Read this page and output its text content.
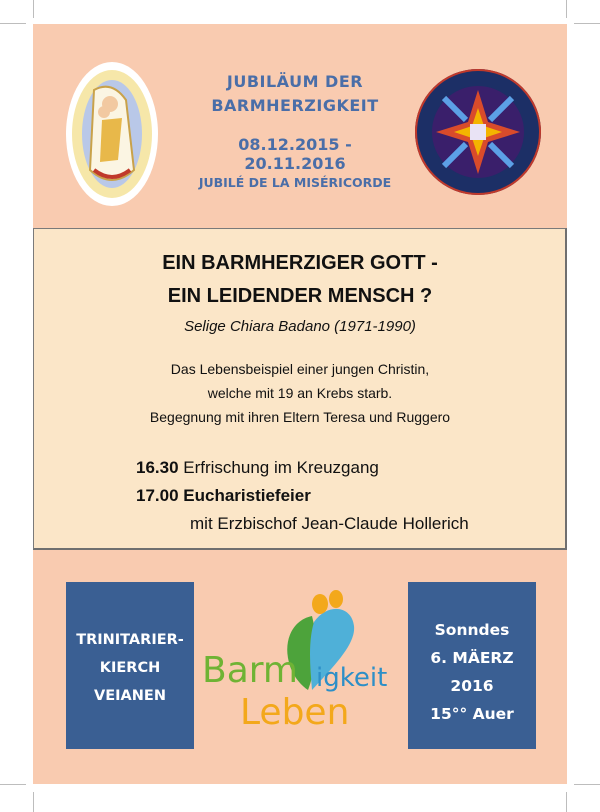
JUBILÄUM DER
BARMHERZIGKEIT
08.12.2015 - 20.11.2016
JUBILÉ DE LA MISÉRICORDE
EIN BARMHERZIGER GOTT -
EIN LEIDENDER MENSCH ?
Selige Chiara Badano (1971-1990)
Das Lebensbeispiel einer jungen Christin,
welche mit 19 an Krebs starb.
Begegnung mit ihren Eltern Teresa und Ruggero
16.30 Erfrischung im Kreuzgang
17.00 Eucharistiefeier
mit Erzbischof Jean-Claude Hollerich
TRINITARIER-
KIERCH
VEIANEN
Barm igkeit
Leben
Sonndes
6. MÄERZ
2016
15°° Auer
